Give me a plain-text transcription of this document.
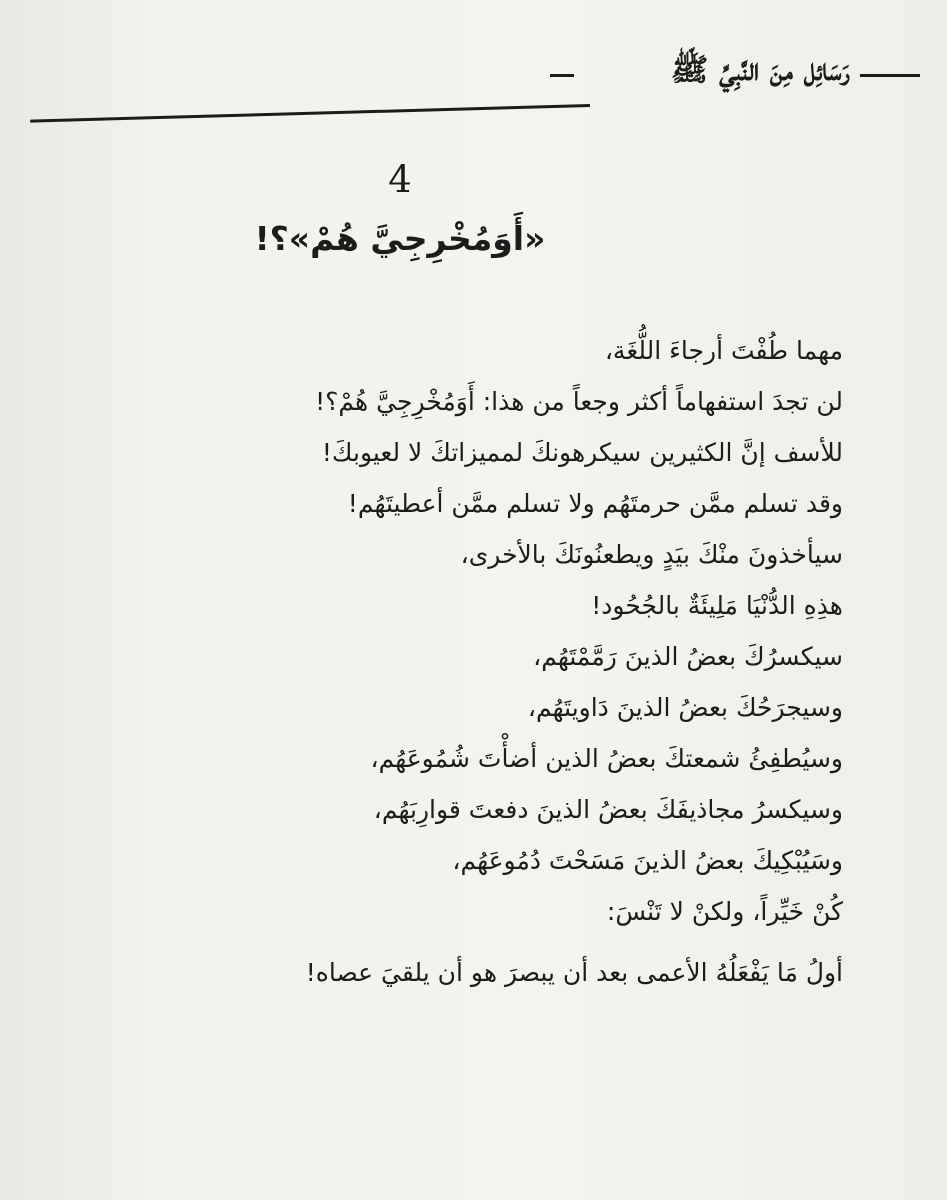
رَسَائِل مِنَ النَّبِيِّ ﷺ
4
«أَوَمُخْرِجِيَّ هُمْ»؟!
مهما طُفْتَ أرجاءَ اللُّغَة،
لن تجدَ استفهاماً أكثر وجعاً من هذا: أَوَمُخْرِجِيَّ هُمْ؟!
للأسف إنَّ الكثيرين سيكرهونكَ لمميزاتكَ لا لعيوبكَ!
وقد تسلم ممَّن حرمتَهُم ولا تسلم ممَّن أعطيتَهُم!
سيأخذونَ منْكَ بيَدٍ ويطعنُونَكَ بالأخرى،
هذِهِ الدُّنْيَا مَلِيئَةٌ بالجُحُود!
سيكسرُكَ بعضُ الذينَ رَمَّمْتَهُم،
وسيجرَحُكَ بعضُ الذينَ دَاويتَهُم،
وسيُطفِئُ شمعتكَ بعضُ الذين أضأْتَ شُمُوعَهُم،
وسيكسرُ مجاذيفَكَ بعضُ الذينَ دفعتَ قوارِبَهُم،
وسَيُبْكِيكَ بعضُ الذينَ مَسَحْتَ دُمُوعَهُم،
كُنْ خَيِّراً، ولكنْ لا تَنْسَ:
أولُ مَا يَفْعَلُهُ الأعمى بعد أن يبصرَ هو أن يلقيَ عصاه!
